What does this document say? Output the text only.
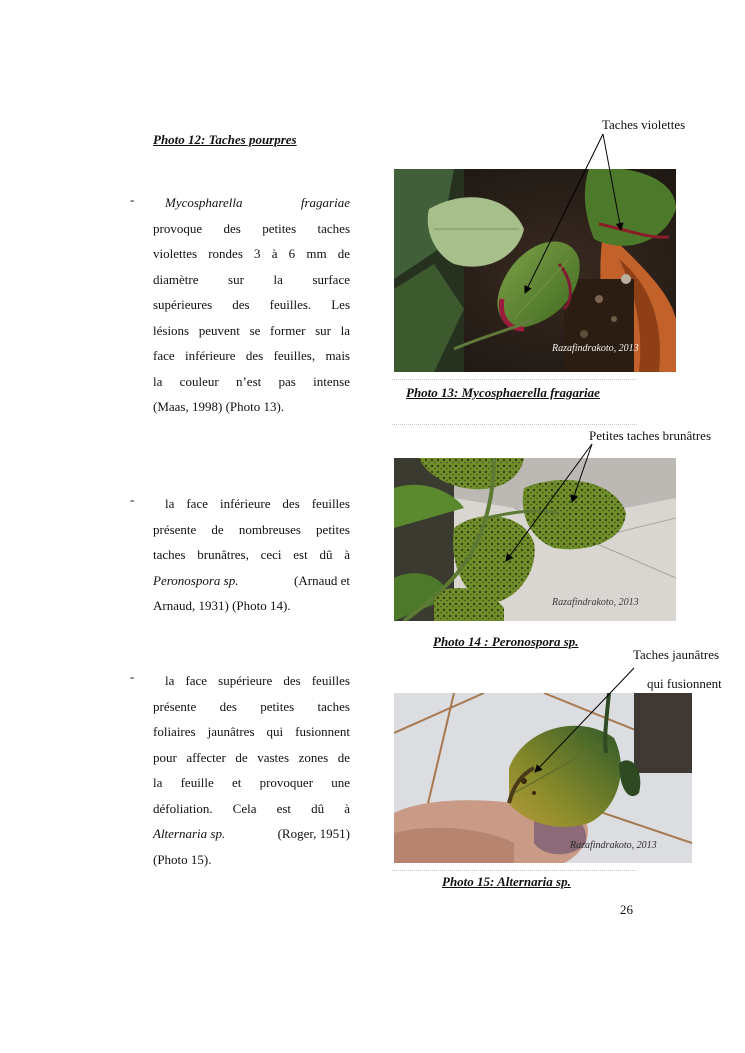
Photo 12: Taches pourpres
- Mycospharella	fragariae
provoque des petites taches
violettes rondes 3 à 6 mm de
diamètre sur la surface
supérieures des feuilles. Les
lésions peuvent se former sur la
face inférieure des feuilles, mais
la couleur n’est pas intense
(Maas, 1998) (Photo 13).
-	la face inférieure des feuilles
présente de nombreuses petites
taches brunâtres, ceci est dû à
Peronospora sp.	(Arnaud et
Arnaud, 1931) (Photo 14).
-	la face supérieure des feuilles
présente des petites taches
foliaires jaunâtres qui fusionnent
pour affecter de vastes zones de
la feuille et provoquer une
défoliation. Cela est dû à
Alternaria sp.	(Roger, 1951)
(Photo 15).
Taches violettes
Razafindrakoto, 2013
Photo 13: Mycosphaerella fragariae
Petites taches brunâtres
Razafindrakoto, 2013
Photo 14 : Peronospora sp.
Taches jaunâtres
qui fusionnent
Razafindrakoto, 2013
Photo 15: Alternaria sp.
26
